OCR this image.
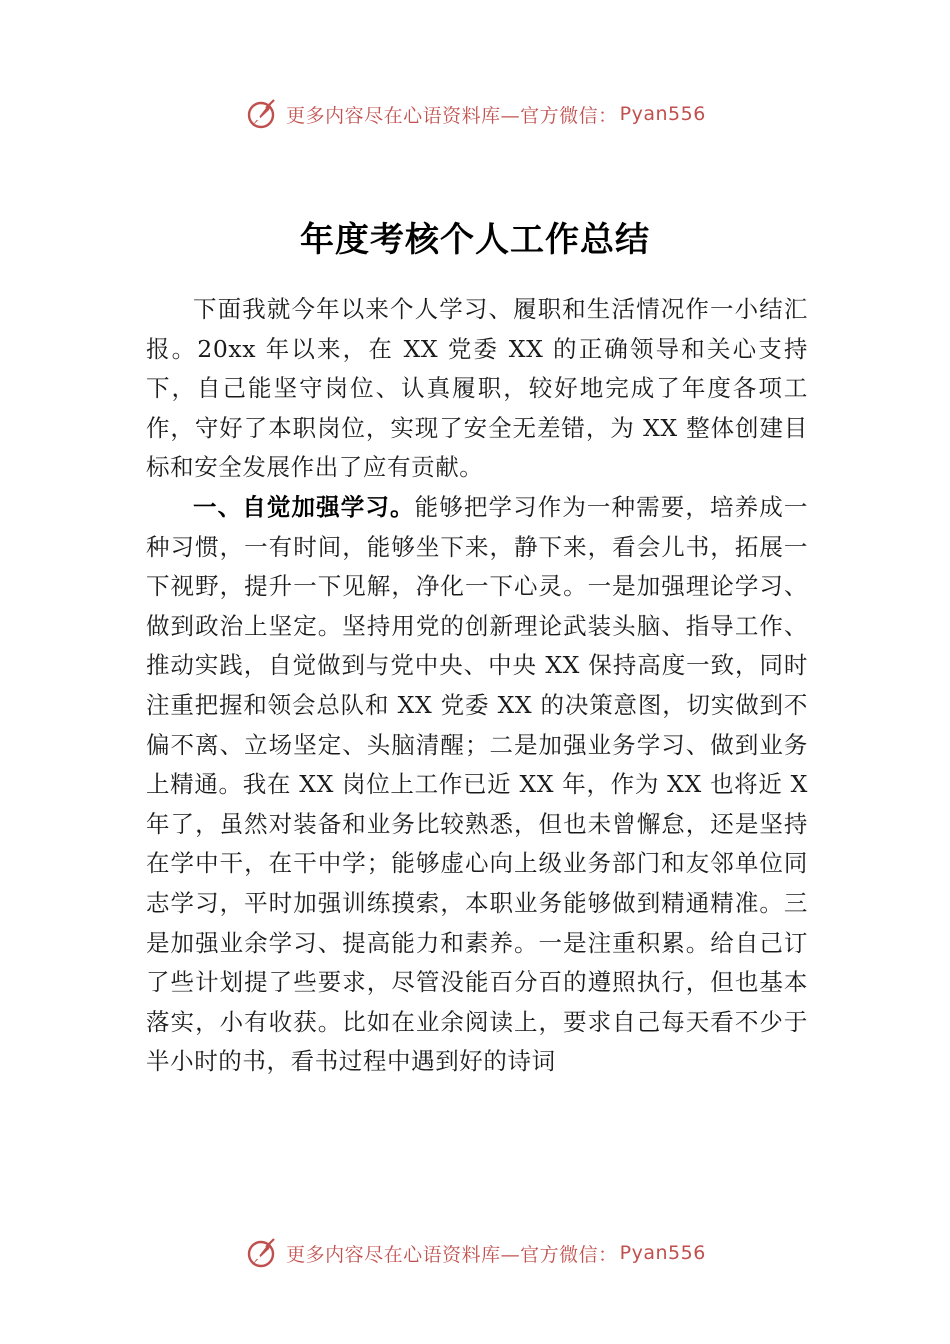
更多内容尽在心语资料库—官方微信： Pyan556
年度考核个人工作总结

下面我就今年以来个人学习、履职和生活情况作一小结汇报。20xx 年以来，在 XX 党委 XX 的正确领导和关心支持下，自己能坚守岗位、认真履职，较好地完成了年度各项工作，守好了本职岗位，实现了安全无差错，为 XX 整体创建目标和安全发展作出了应有贡献。

一、自觉加强学习。能够把学习作为一种需要，培养成一种习惯，一有时间，能够坐下来，静下来，看会儿书，拓展一下视野，提升一下见解，净化一下心灵。一是加强理论学习、做到政治上坚定。坚持用党的创新理论武装头脑、指导工作、推动实践，自觉做到与党中央、中央 XX 保持高度一致，同时注重把握和领会总队和 XX 党委 XX 的决策意图，切实做到不偏不离、立场坚定、头脑清醒；二是加强业务学习、做到业务上精通。我在 XX 岗位上工作已近 XX 年，作为 XX 也将近 X 年了，虽然对装备和业务比较熟悉，但也未曾懈怠，还是坚持在学中干，在干中学；能够虚心向上级业务部门和友邻单位同志学习，平时加强训练摸索，本职业务能够做到精通精准。三是加强业余学习、提高能力和素养。一是注重积累。给自己订了些计划提了些要求，尽管没能百分百的遵照执行，但也基本落实，小有收获。比如在业余阅读上，要求自己每天看不少于半小时的书，看书过程中遇到好的诗词

更多内容尽在心语资料库—官方微信： Pyan556
